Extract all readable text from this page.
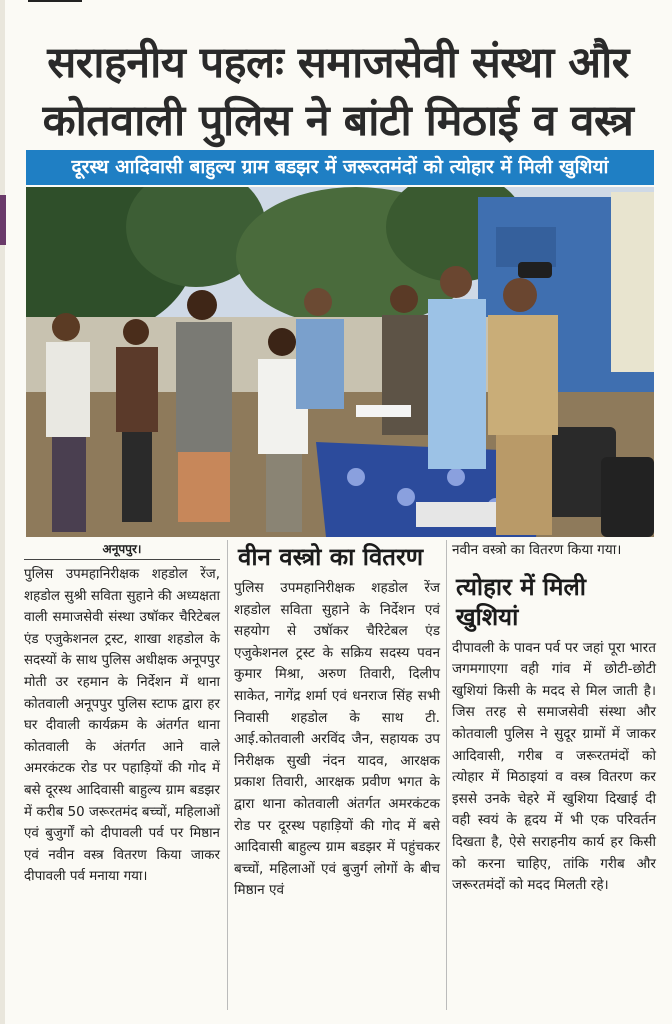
सराहनीय पहलः समाजसेवी संस्था और
कोतवाली पुलिस ने बांटी मिठाई व वस्त्र
दूरस्थ आदिवासी बाहुल्य ग्राम बडझर में जरूरतमंदों को त्योहार में मिली खुशियां
अनूपपुर।

पुलिस उपमहानिरीक्षक शहडोल रेंज, शहडोल सुश्री सविता सुहाने की अध्यक्षता वाली समाजसेवी संस्था उषॉकर चैरिटेबल एंड एजुकेशनल ट्रस्ट, शाखा शहडोल के सदस्यों के साथ पुलिस अधीक्षक अनूपपुर मोती उर रहमान के निर्देशन में थाना कोतवाली अनूपपुर पुलिस स्टाफ द्वारा हर घर दीवाली कार्यक्रम के अंतर्गत थाना कोतवाली के अंतर्गत आने वाले अमरकंटक रोड पर पहाड़ियों की गोद में बसे दूरस्थ आदिवासी बाहुल्य ग्राम बडझर में करीब 50 जरूरतमंद बच्चों, महिलाओं एवं बुजुर्गों को दीपावली पर्व पर मिष्ठान एवं नवीन वस्त्र वितरण किया जाकर दीपावली पर्व मनाया गया।

वीन वस्त्रो का वितरण

पुलिस उपमहानिरीक्षक शहडोल रेंज शहडोल सविता सुहाने के निर्देशन एवं सहयोग से उषॉकर चैरिटेबल एंड एजुकेशनल ट्रस्ट के सक्रिय सदस्य पवन कुमार मिश्रा, अरुण तिवारी, दिलीप साकेत, नागेंद्र शर्मा एवं धनराज सिंह सभी निवासी शहडोल के साथ टी. आई.कोतवाली अरविंद जैन, सहायक उप निरीक्षक सुखी नंदन यादव, आरक्षक प्रकाश तिवारी, आरक्षक प्रवीण भगत के द्वारा थाना कोतवाली अंतर्गत अमरकंटक रोड पर दूरस्थ पहाड़ियों की गोद में बसे आदिवासी बाहुल्य ग्राम बडझर में पहुंचकर बच्चों, महिलाओं एवं बुजुर्ग लोगों के बीच मिष्ठान एवं

नवीन वस्त्रो का वितरण किया गया।

त्योहार में मिली खुशियां

दीपावली के पावन पर्व पर जहां पूरा भारत जगमगाएगा वही गांव में छोटी-छोटी खुशियां किसी के मदद से मिल जाती है। जिस तरह से समाजसेवी संस्था और कोतवाली पुलिस ने सुदूर ग्रामों में जाकर आदिवासी, गरीब व जरूरतमंदों को त्योहार में मिठाइयां व वस्त्र वितरण कर इससे उनके चेहरे में खुशिया दिखाई दी वही स्वयं के हृदय में भी एक परिवर्तन दिखता है, ऐसे सराहनीय कार्य हर किसी को करना चाहिए, तांकि गरीब और जरूरतमंदों को मदद मिलती रहे।
